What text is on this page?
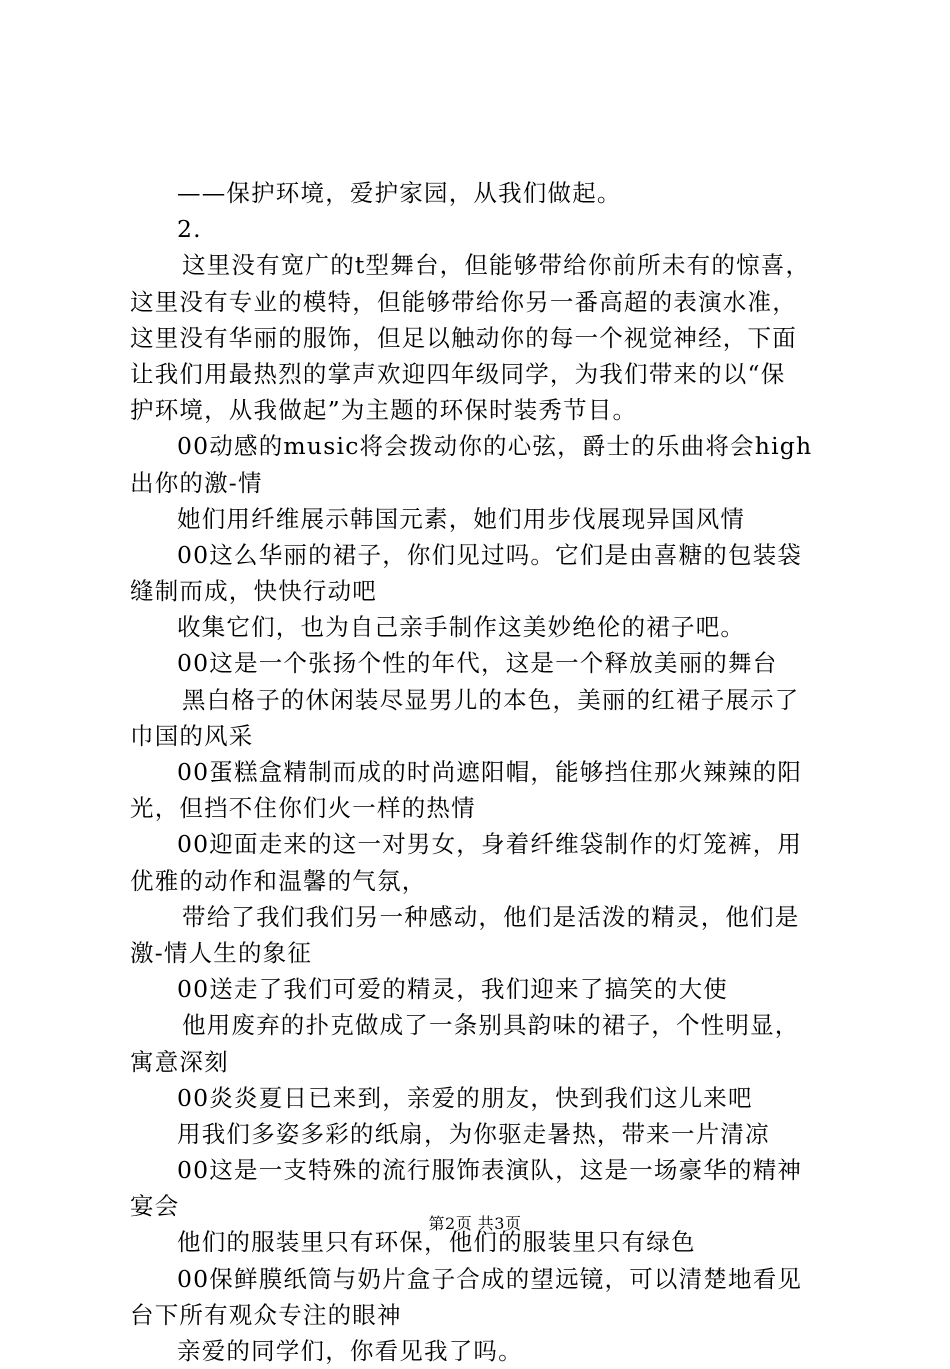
——保护环境，爱护家园，从我们做起。
2.
这里没有宽广的t型舞台，但能够带给你前所未有的惊喜，
这里没有专业的模特，但能够带给你另一番高超的表演水准，
这里没有华丽的服饰，但足以触动你的每一个视觉神经，下面
让我们用最热烈的掌声欢迎四年级同学，为我们带来的以“保
护环境，从我做起”为主题的环保时装秀节目。
00动感的music将会拨动你的心弦，爵士的乐曲将会high
出你的激-情
她们用纤维展示韩国元素，她们用步伐展现异国风情
00这么华丽的裙子，你们见过吗。它们是由喜糖的包装袋
缝制而成，快快行动吧
收集它们，也为自己亲手制作这美妙绝伦的裙子吧。
00这是一个张扬个性的年代，这是一个释放美丽的舞台
黑白格子的休闲装尽显男儿的本色，美丽的红裙子展示了
巾国的风采
00蛋糕盒精制而成的时尚遮阳帽，能够挡住那火辣辣的阳
光，但挡不住你们火一样的热情
00迎面走来的这一对男女，身着纤维袋制作的灯笼裤，用
优雅的动作和温馨的气氛，
带给了我们我们另一种感动，他们是活泼的精灵，他们是
激-情人生的象征
00送走了我们可爱的精灵，我们迎来了搞笑的大使
他用废弃的扑克做成了一条别具韵味的裙子，个性明显，
寓意深刻
00炎炎夏日已来到，亲爱的朋友，快到我们这儿来吧
用我们多姿多彩的纸扇，为你驱走暑热，带来一片清凉
00这是一支特殊的流行服饰表演队，这是一场豪华的精神
宴会
他们的服装里只有环保，他们的服装里只有绿色
00保鲜膜纸筒与奶片盒子合成的望远镜，可以清楚地看见
台下所有观众专注的眼神
亲爱的同学们，你看见我了吗。
第2页 共3页
